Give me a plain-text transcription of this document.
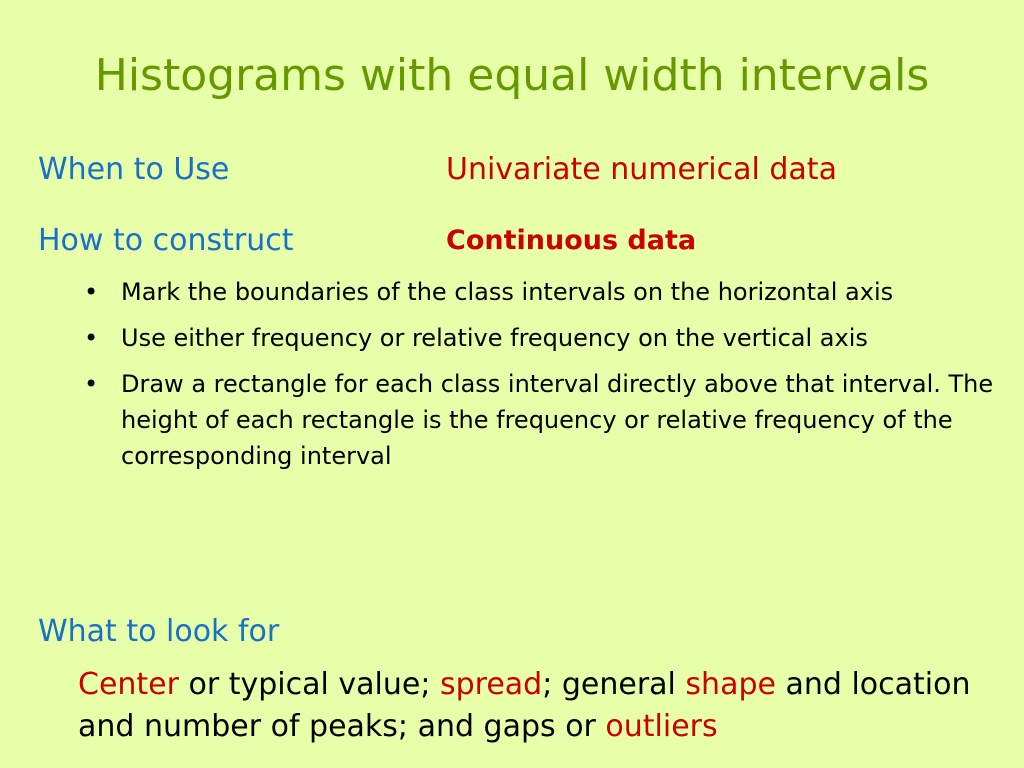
Histograms with equal width intervals
When to Use	Univariate numerical data
How to construct	Continuous data
• Mark the boundaries of the class intervals on the horizontal axis
• Use either frequency or relative frequency on the vertical axis
• Draw a rectangle for each class interval directly above that interval. The height of each rectangle is the frequency or relative frequency of the corresponding interval
What to look for
Center or typical value; spread; general shape and location and number of peaks; and gaps or outliers
